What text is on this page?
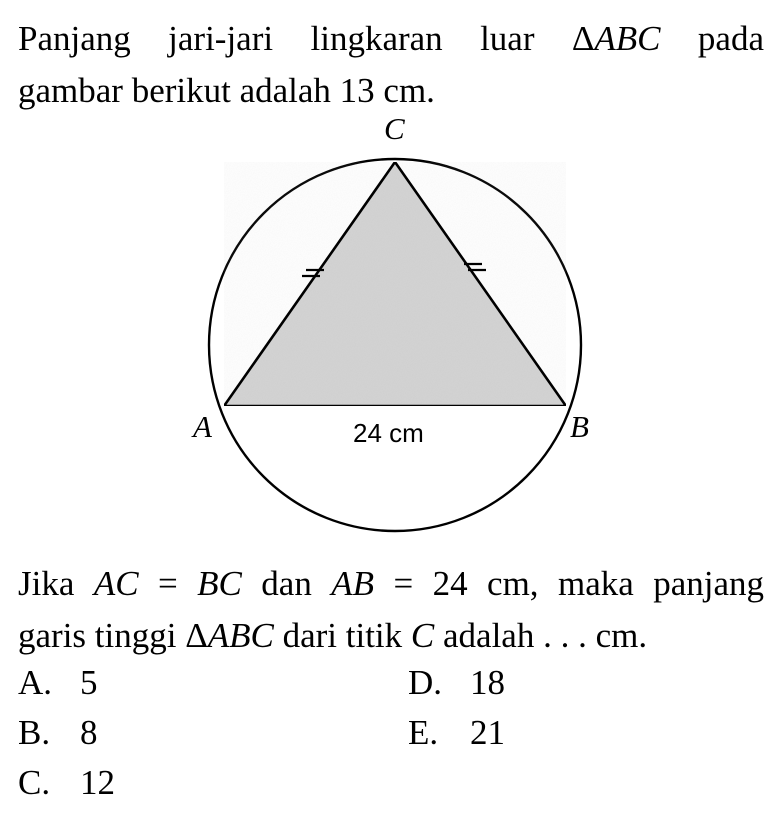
Panjang jari-jari lingkaran luar ΔABC pada

gambar berikut adalah 13 cm.

C
A	B
24 cm

Jika AC = BC dan AB = 24 cm, maka panjang

garis tinggi ΔABC dari titik C adalah . . . cm.

A. 5

B. 8

C. 12

D. 18

E. 21
